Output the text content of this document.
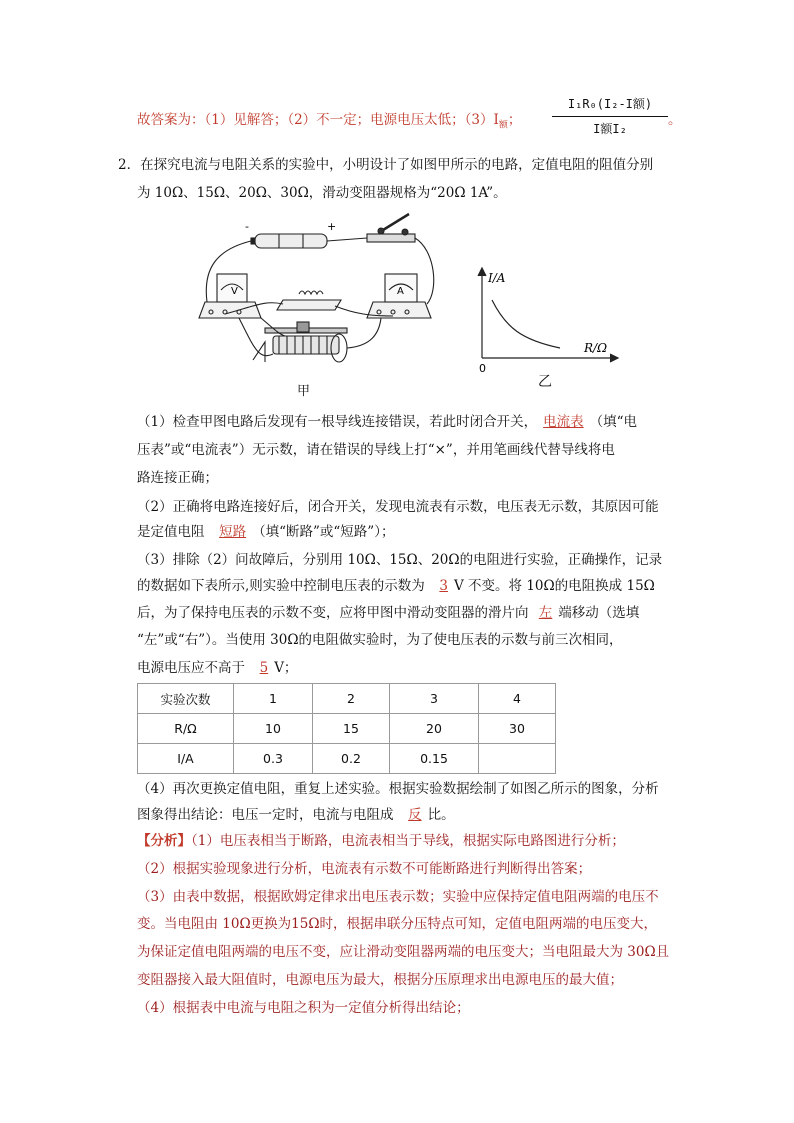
故答案为：（1）见解答；（2）不一定；电源电压太低；$(3)I_额$；
I₁R₀(I₂-I额)
I额I₂
。
2．在探究电流与电阻关系的实验中，小明设计了如图甲所示的电路，定值电阻的阻值分别
为 10Ω、15Ω、20Ω、30Ω，滑动变阻器规格为“20Ω 1A”。
V	A
-	+
甲
I/A
R/Ω
0
乙
（1）检查甲图电路后发现有一根导线连接错误，若此时闭合开关， 电流表 （填“电
压表”或“电流表”）无示数，请在错误的导线上打“×”，并用笔画线代替导线将电
路连接正确；
（2）正确将电路连接好后，闭合开关，发现电流表有示数，电压表无示数，其原因可能
是定值电阻 短路 （填“断路”或“短路”）；
（3）排除（2）问故障后，分别用 10Ω、15Ω、20Ω的电阻进行实验，正确操作，记录
的数据如下表所示,则实验中控制电压表的示数为 3 V 不变。将 10Ω的电阻换成 15Ω
后，为了保持电压表的示数不变，应将甲图中滑动变阻器的滑片向 左 端移动（选填
“左”或“右”）。当使用 30Ω的电阻做实验时，为了使电压表的示数与前三次相同，
电源电压应不高于 5 V；
实验次数	1	2	3	4
R/Ω	10	15	20	30
I/A	0.3	0.2	0.15	
（4）再次更换定值电阻，重复上述实验。根据实验数据绘制了如图乙所示的图象，分析
图象得出结论：电压一定时，电流与电阻成 反 比。
【分析】（1）电压表相当于断路，电流表相当于导线，根据实际电路图进行分析；
（2）根据实验现象进行分析，电流表有示数不可能断路进行判断得出答案；
（3）由表中数据，根据欧姆定律求出电压表示数；实验中应保持定值电阻两端的电压不
变。当电阻由 10Ω更换为15Ω时，根据串联分压特点可知，定值电阻两端的电压变大，
为保证定值电阻两端的电压不变，应让滑动变阻器两端的电压变大；当电阻最大为 30Ω且
变阻器接入最大阻值时，电源电压为最大，根据分压原理求出电源电压的最大值；
（4）根据表中电流与电阻之积为一定值分析得出结论；
